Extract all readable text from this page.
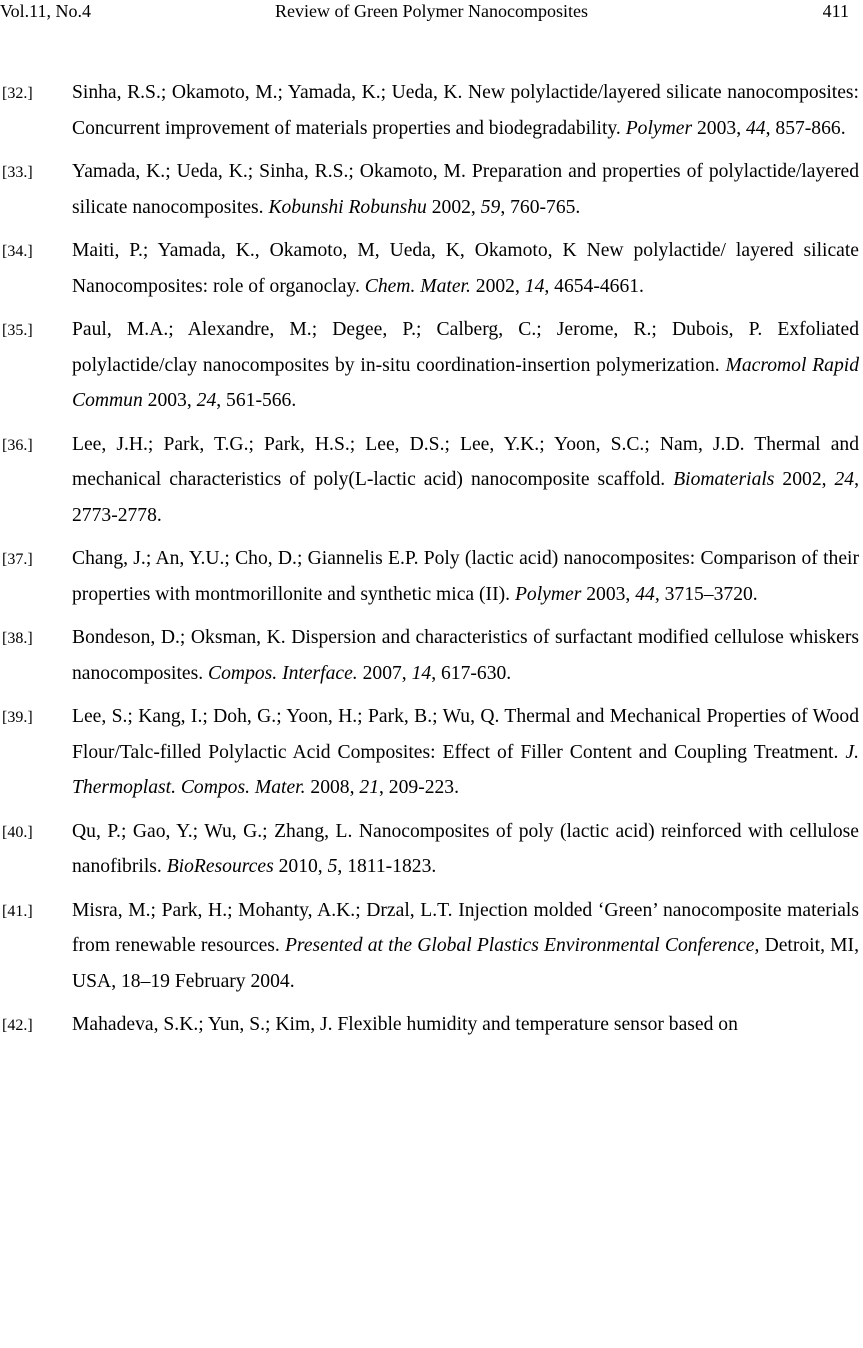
Vol.11, No.4	Review of Green Polymer Nanocomposites	411
[32.] Sinha, R.S.; Okamoto, M.; Yamada, K.; Ueda, K. New polylactide/layered silicate nanocomposites: Concurrent improvement of materials properties and biodegradability. Polymer 2003, 44, 857-866.
[33.] Yamada, K.; Ueda, K.; Sinha, R.S.; Okamoto, M. Preparation and properties of polylactide/layered silicate nanocomposites. Kobunshi Robunshu 2002, 59, 760-765.
[34.] Maiti, P.; Yamada, K., Okamoto, M, Ueda, K, Okamoto, K New polylactide/ layered silicate Nanocomposites: role of organoclay. Chem. Mater. 2002, 14, 4654-4661.
[35.] Paul, M.A.; Alexandre, M.; Degee, P.; Calberg, C.; Jerome, R.; Dubois, P. Exfoliated polylactide/clay nanocomposites by in-situ coordination-insertion polymerization. Macromol Rapid Commun 2003, 24, 561-566.
[36.] Lee, J.H.; Park, T.G.; Park, H.S.; Lee, D.S.; Lee, Y.K.; Yoon, S.C.; Nam, J.D. Thermal and mechanical characteristics of poly(L-lactic acid) nanocomposite scaffold. Biomaterials 2002, 24, 2773-2778.
[37.] Chang, J.; An, Y.U.; Cho, D.; Giannelis E.P. Poly (lactic acid) nanocomposites: Comparison of their properties with montmorillonite and synthetic mica (II). Polymer 2003, 44, 3715–3720.
[38.] Bondeson, D.; Oksman, K. Dispersion and characteristics of surfactant modified cellulose whiskers nanocomposites. Compos. Interface. 2007, 14, 617-630.
[39.] Lee, S.; Kang, I.; Doh, G.; Yoon, H.; Park, B.; Wu, Q. Thermal and Mechanical Properties of Wood Flour/Talc-filled Polylactic Acid Composites: Effect of Filler Content and Coupling Treatment. J. Thermoplast. Compos. Mater. 2008, 21, 209-223.
[40.] Qu, P.; Gao, Y.; Wu, G.; Zhang, L. Nanocomposites of poly (lactic acid) reinforced with cellulose nanofibrils. BioResources 2010, 5, 1811-1823.
[41.] Misra, M.; Park, H.; Mohanty, A.K.; Drzal, L.T. Injection molded ‘Green’ nanocomposite materials from renewable resources. Presented at the Global Plastics Environmental Conference, Detroit, MI, USA, 18–19 February 2004.
[42.] Mahadeva, S.K.; Yun, S.; Kim, J. Flexible humidity and temperature sensor based on
